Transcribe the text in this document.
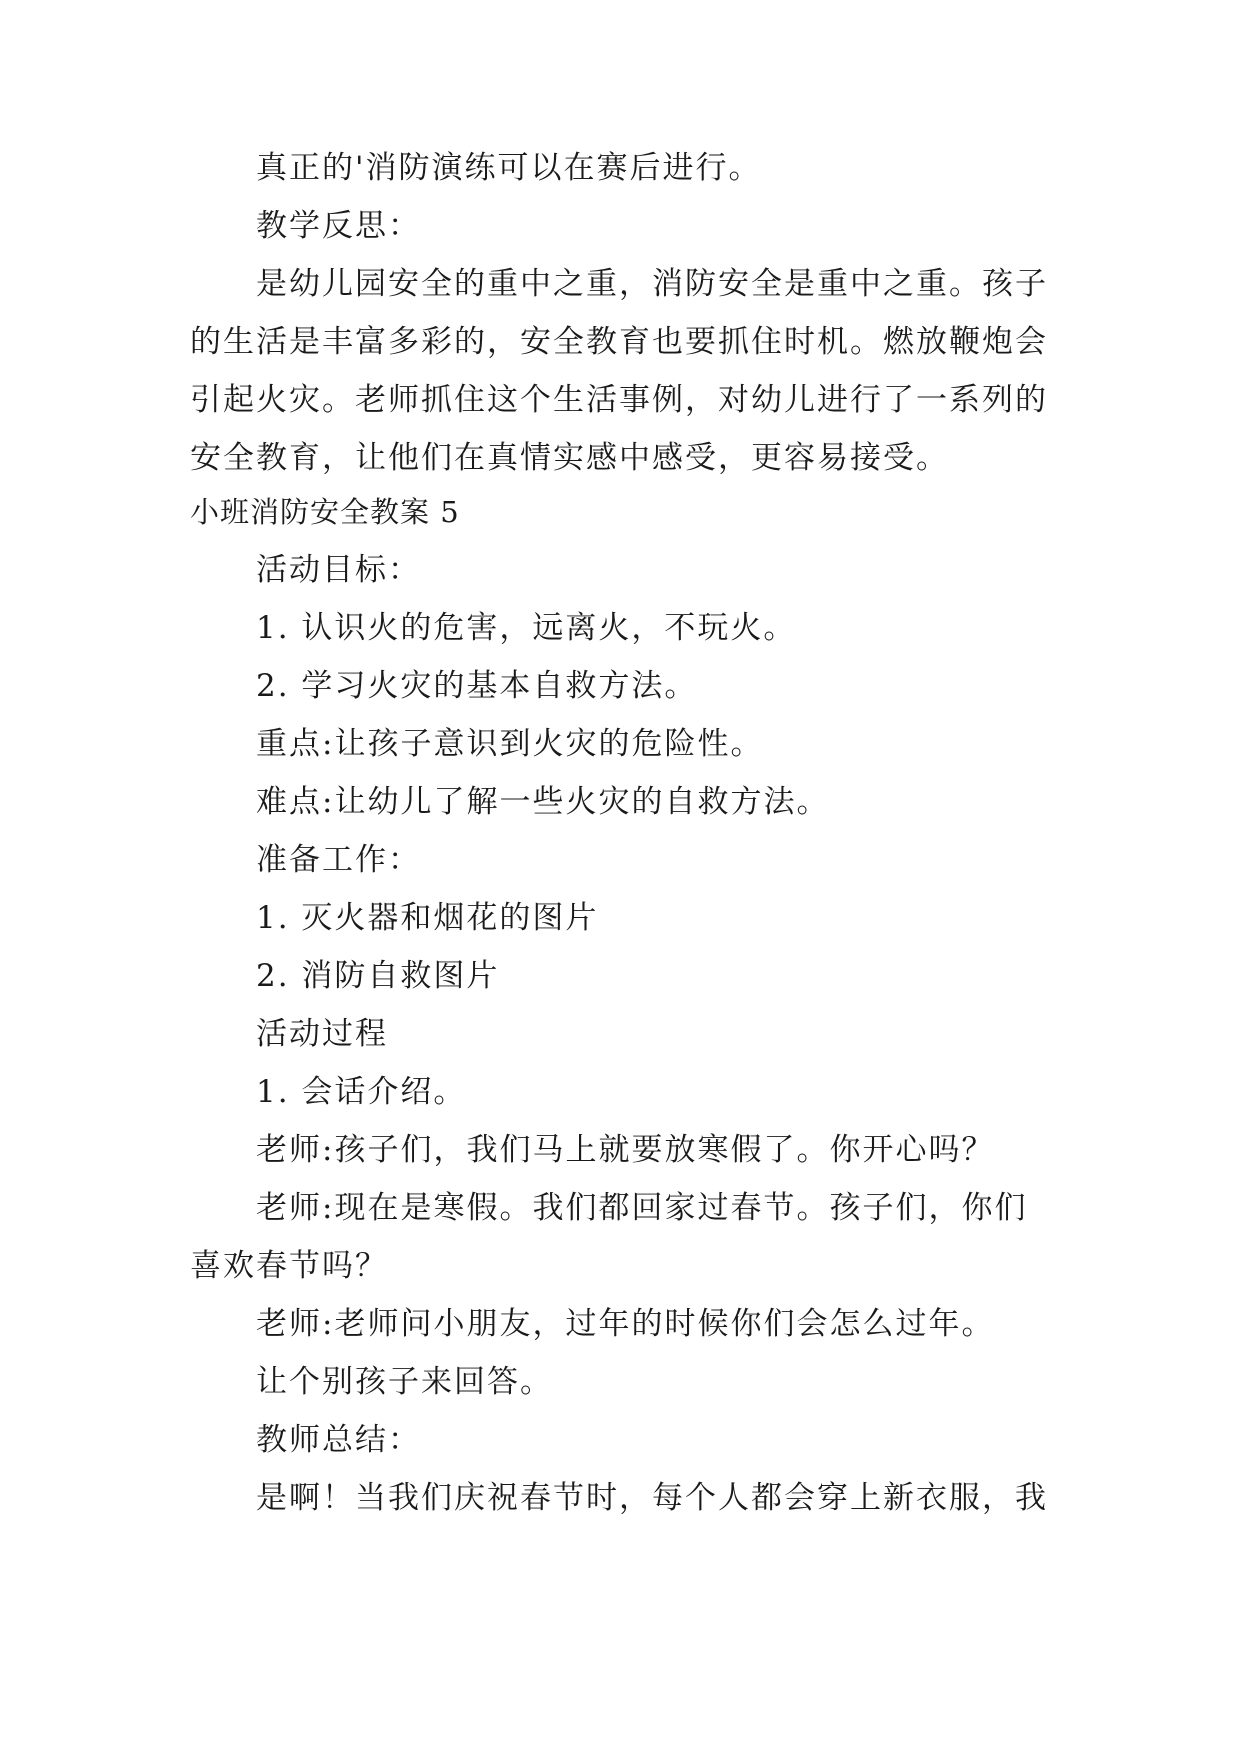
真正的'消防演练可以在赛后进行。

教学反思：

是幼儿园安全的重中之重，消防安全是重中之重。孩子

的生活是丰富多彩的，安全教育也要抓住时机。燃放鞭炮会

引起火灾。老师抓住这个生活事例，对幼儿进行了一系列的

安全教育，让他们在真情实感中感受，更容易接受。

小班消防安全教案 5

活动目标：

1. 认识火的危害，远离火，不玩火。

2. 学习火灾的基本自救方法。

重点:让孩子意识到火灾的危险性。

难点:让幼儿了解一些火灾的自救方法。

准备工作：

1. 灭火器和烟花的图片

2. 消防自救图片

活动过程

1. 会话介绍。

老师:孩子们，我们马上就要放寒假了。你开心吗？

老师:现在是寒假。我们都回家过春节。孩子们，你们

喜欢春节吗？

老师:老师问小朋友，过年的时候你们会怎么过年。

让个别孩子来回答。

教师总结：

是啊！当我们庆祝春节时，每个人都会穿上新衣服，我
